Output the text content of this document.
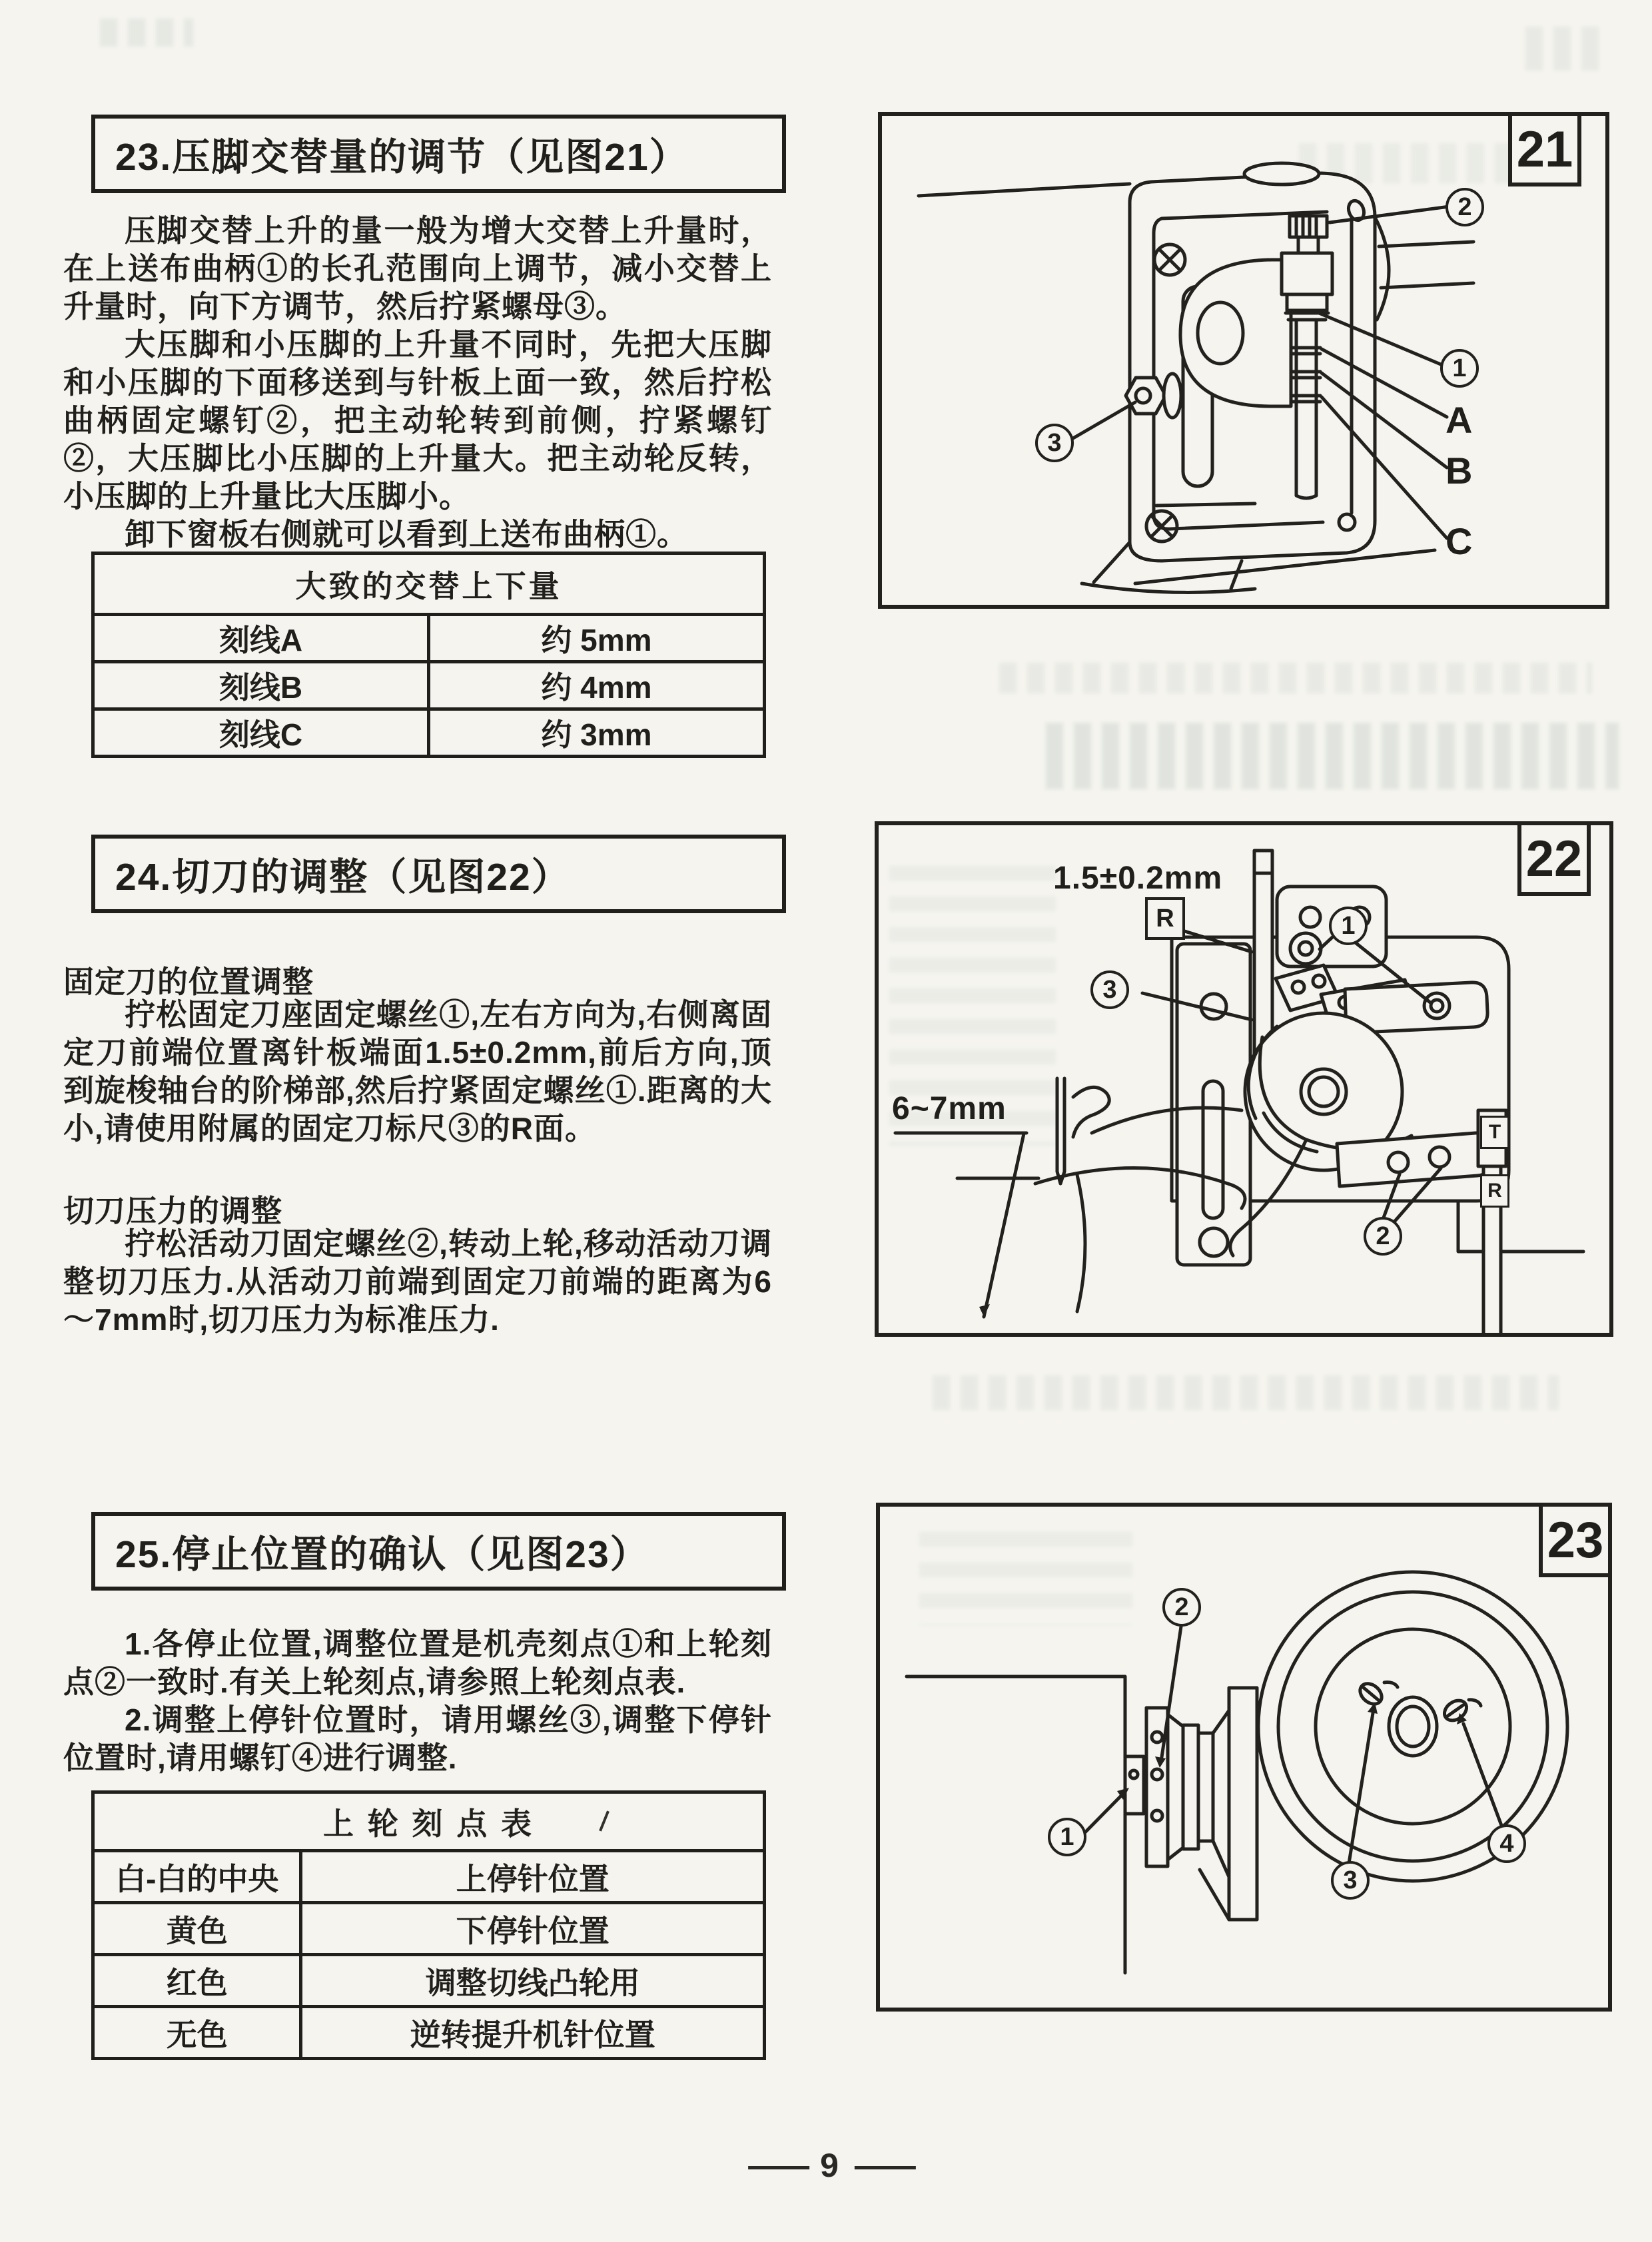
23.压脚交替量的调节（见图21）

压脚交替上升的量一般为增大交替上升量时，在上送布曲柄①的长孔范围向上调节，减小交替上升量时，向下方调节，然后拧紧螺母③。

大压脚和小压脚的上升量不同时，先把大压脚和小压脚的下面移送到与针板上面一致，然后拧松曲柄固定螺钉②，把主动轮转到前侧，拧紧螺钉②，大压脚比小压脚的上升量大。把主动轮反转，小压脚的上升量比大压脚小。

卸下窗板右侧就可以看到上送布曲柄①。

大致的交替上下量	
刻线A	约 5mm
刻线B	约 4mm
刻线C	约 3mm
24.切刀的调整（见图22）
固定刀的位置调整

拧松固定刀座固定螺丝①,左右方向为,右侧离固定刀前端位置离针板端面1.5±0.2mm,前后方向,顶到旋梭轴台的阶梯部,然后拧紧固定螺丝①.距离的大小,请使用附属的固定刀标尺③的R面。

切刀压力的调整

拧松活动刀固定螺丝②,转动上轮,移动活动刀调整切刀压力.从活动刀前端到固定刀前端的距离为6～7mm时,切刀压力为标准压力.

25.停止位置的确认（见图23）

1.各停止位置,调整位置是机壳刻点①和上轮刻点②一致时.有关上轮刻点,请参照上轮刻点表.

2.调整上停针位置时，请用螺丝③,调整下停针位置时,请用螺钉④进行调整.

上 轮 刻 点 表	
白-白的中央	上停针位置
黄色	下停针位置
红色	调整切线凸轮用
无色	逆转提升机针位置
21
2
1
A
B
C
3
22
1.5±0.2mm
R
3
1
2
6~7mm
T
R
23
2
1
3
4
—— 9 ——
